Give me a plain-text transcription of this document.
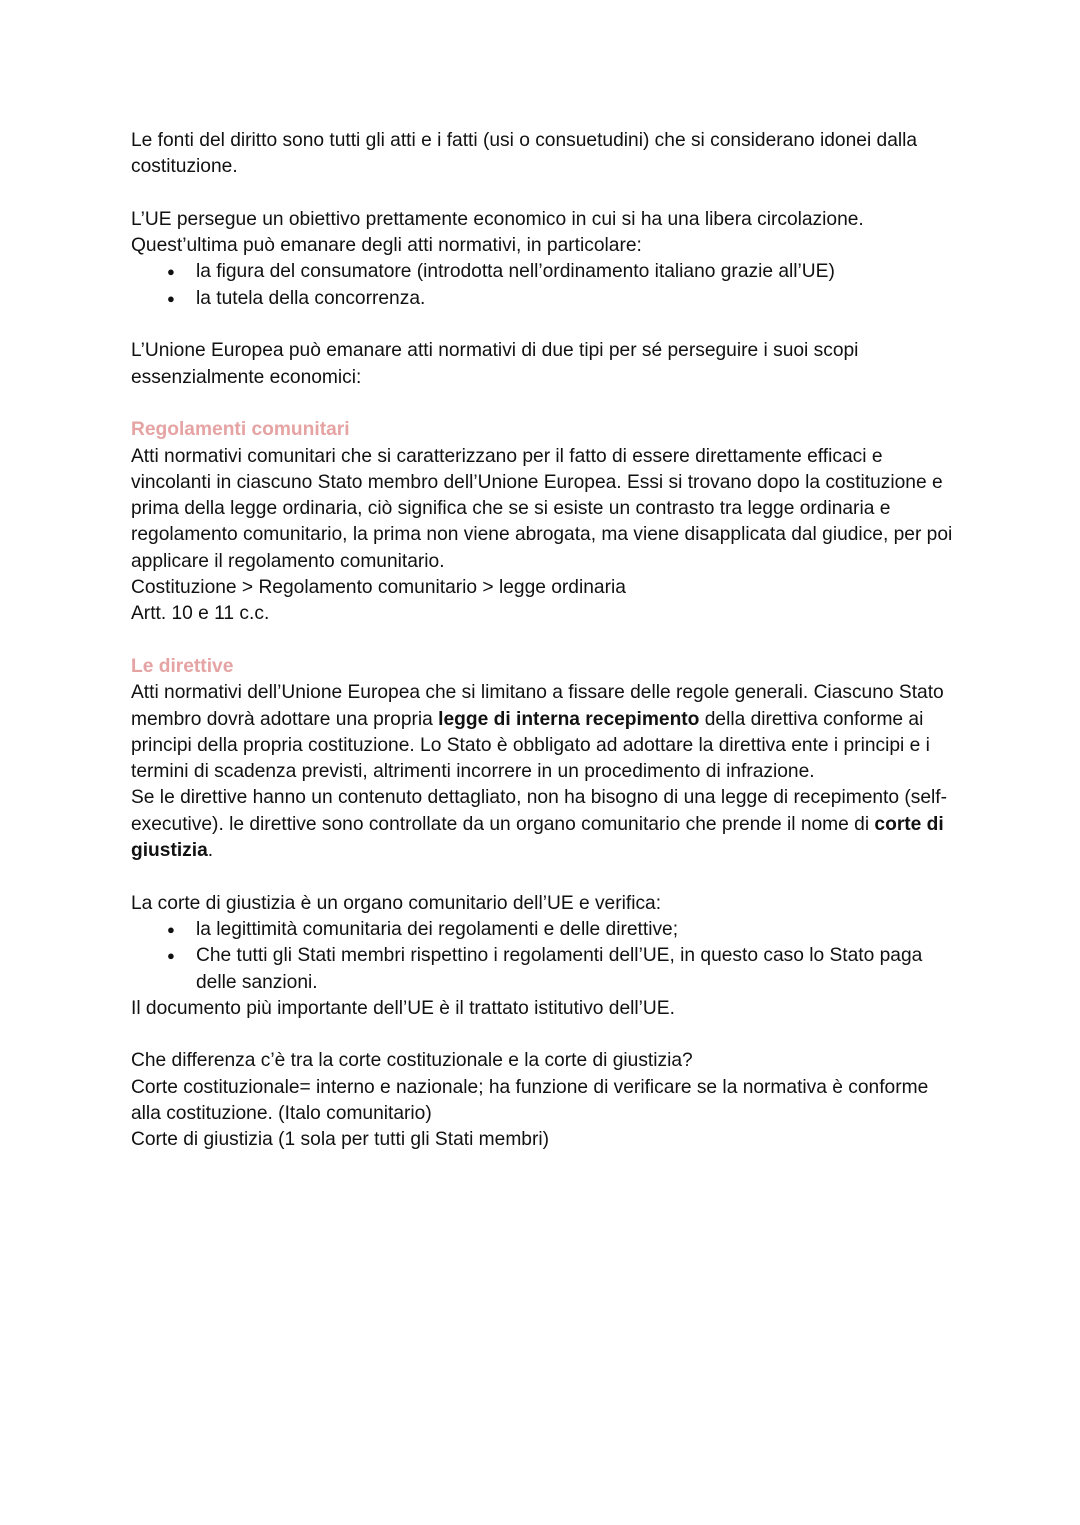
Le fonti del diritto sono tutti gli atti e i fatti (usi o consuetudini) che si considerano idonei dalla costituzione.

L’UE persegue un obiettivo prettamente economico in cui si ha una libera circolazione.

Quest’ultima può emanare degli atti normativi, in particolare:

● la figura del consumatore (introdotta nell’ordinamento italiano grazie all’UE)
● la tutela della concorrenza.

L’Unione Europea può emanare atti normativi di due tipi per sé perseguire i suoi scopi essenzialmente economici:

Regolamenti comunitari

Atti normativi comunitari che si caratterizzano per il fatto di essere direttamente efficaci e vincolanti in ciascuno Stato membro dell’Unione Europea. Essi si trovano dopo la costituzione e prima della legge ordinaria, ciò significa che se si esiste un contrasto tra legge ordinaria e regolamento comunitario, la prima non viene abrogata, ma viene disapplicata dal giudice, per poi applicare il regolamento comunitario.

Costituzione > Regolamento comunitario > legge ordinaria

Artt. 10 e 11 c.c.

Le direttive

Atti normativi dell’Unione Europea che si limitano a fissare delle regole generali. Ciascuno Stato membro dovrà adottare una propria legge di interna recepimento della direttiva conforme ai principi della propria costituzione. Lo Stato è obbligato ad adottare la direttiva ente i principi e i termini di scadenza previsti, altrimenti incorrere in un procedimento di infrazione.

Se le direttive hanno un contenuto dettagliato, non ha bisogno di una legge di recepimento (self-executive). le direttive sono controllate da un organo comunitario che prende il nome di corte di giustizia.

La corte di giustizia è un organo comunitario dell’UE e verifica:

● la legittimità comunitaria dei regolamenti e delle direttive;
● Che tutti gli Stati membri rispettino i regolamenti dell’UE, in questo caso lo Stato paga delle sanzioni.

Il documento più importante dell’UE è il trattato istitutivo dell’UE.

Che differenza c’è tra la corte costituzionale e la corte di giustizia?

Corte costituzionale= interno e nazionale; ha funzione di verificare se la normativa è conforme alla costituzione. (Italo comunitario)

Corte di giustizia (1 sola per tutti gli Stati membri)
